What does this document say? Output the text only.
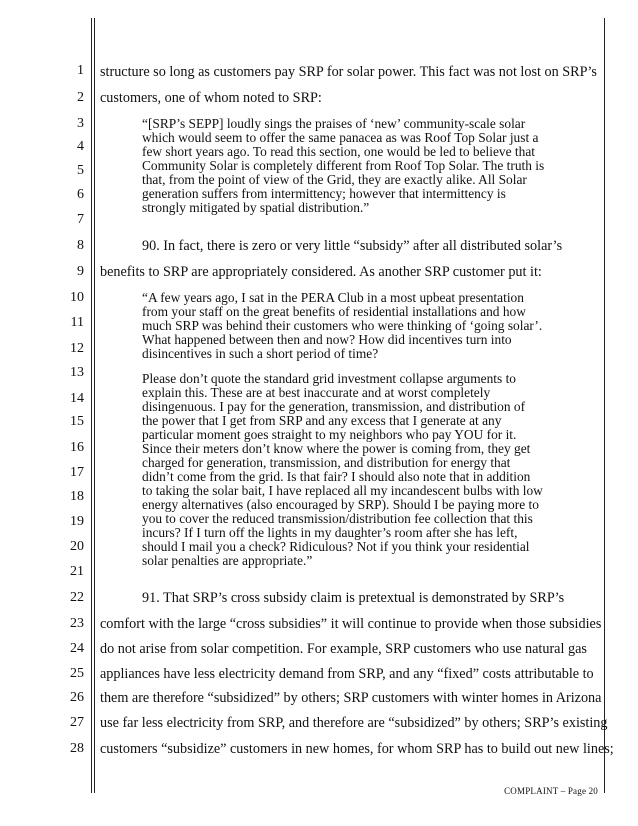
1
2
3
4
5
6
7
8
9
10
11
12
13
14
15
16
17
18
19
20
21
22
23
24
25
26
27
28
structure so long as customers pay SRP for solar power. This fact was not lost on SRP’s
customers, one of whom noted to SRP:
“[SRP’s SEPP] loudly sings the praises of ‘new’ community-scale solar
which would seem to offer the same panacea as was Roof Top Solar just a
few short years ago. To read this section, one would be led to believe that
Community Solar is completely different from Roof Top Solar. The truth is
that, from the point of view of the Grid, they are exactly alike. All Solar
generation suffers from intermittency; however that intermittency is
strongly mitigated by spatial distribution.”
90. In fact, there is zero or very little “subsidy” after all distributed solar’s
benefits to SRP are appropriately considered. As another SRP customer put it:
“A few years ago, I sat in the PERA Club in a most upbeat presentation
from your staff on the great benefits of residential installations and how
much SRP was behind their customers who were thinking of ‘going solar’.
What happened between then and now? How did incentives turn into
disincentives in such a short period of time?
Please don’t quote the standard grid investment collapse arguments to
explain this. These are at best inaccurate and at worst completely
disingenuous. I pay for the generation, transmission, and distribution of
the power that I get from SRP and any excess that I generate at any
particular moment goes straight to my neighbors who pay YOU for it.
Since their meters don’t know where the power is coming from, they get
charged for generation, transmission, and distribution for energy that
didn’t come from the grid. Is that fair? I should also note that in addition
to taking the solar bait, I have replaced all my incandescent bulbs with low
energy alternatives (also encouraged by SRP). Should I be paying more to
you to cover the reduced transmission/distribution fee collection that this
incurs? If I turn off the lights in my daughter’s room after she has left,
should I mail you a check? Ridiculous? Not if you think your residential
solar penalties are appropriate.”
91. That SRP’s cross subsidy claim is pretextual is demonstrated by SRP’s
comfort with the large “cross subsidies” it will continue to provide when those subsidies
do not arise from solar competition. For example, SRP customers who use natural gas
appliances have less electricity demand from SRP, and any “fixed” costs attributable to
them are therefore “subsidized” by others; SRP customers with winter homes in Arizona
use far less electricity from SRP, and therefore are “subsidized” by others; SRP’s existing
customers “subsidize” customers in new homes, for whom SRP has to build out new lines;
COMPLAINT – Page 20
